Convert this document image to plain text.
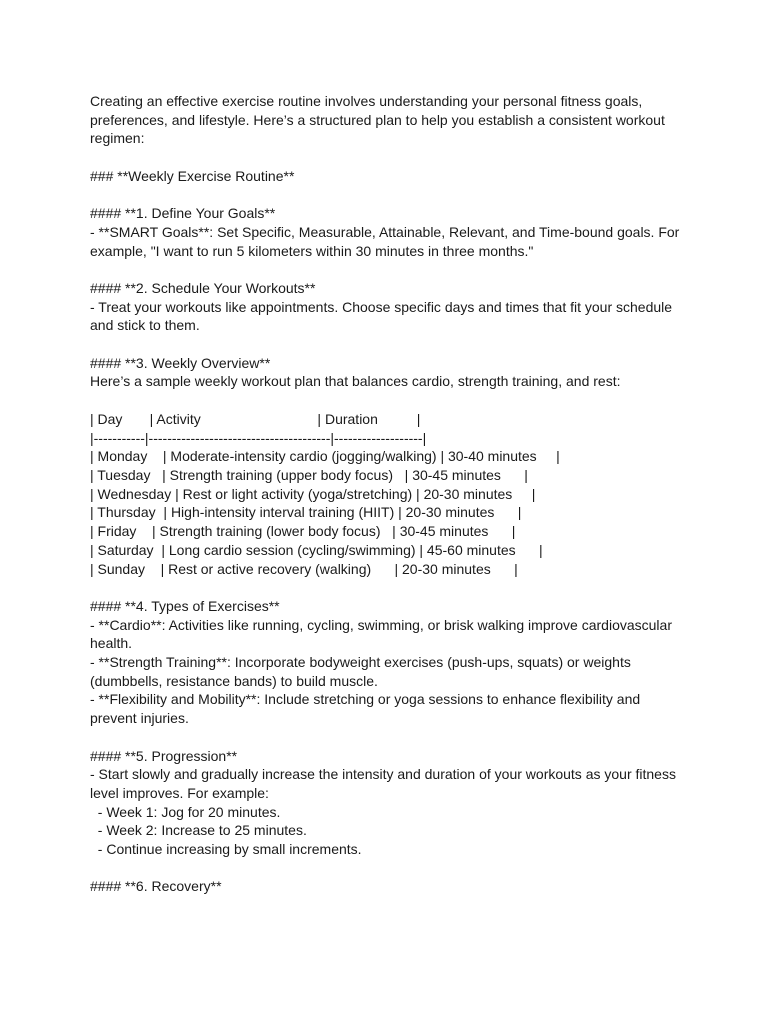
Creating an effective exercise routine involves understanding your personal fitness goals, preferences, and lifestyle. Here’s a structured plan to help you establish a consistent workout regimen:
### **Weekly Exercise Routine**
#### **1. Define Your Goals**
- **SMART Goals**: Set Specific, Measurable, Attainable, Relevant, and Time-bound goals. For example, "I want to run 5 kilometers within 30 minutes in three months."
#### **2. Schedule Your Workouts**
- Treat your workouts like appointments. Choose specific days and times that fit your schedule and stick to them.
#### **3. Weekly Overview**
Here’s a sample weekly workout plan that balances cardio, strength training, and rest:
| Day       | Activity                              | Duration          |
|-----------|---------------------------------------|-------------------|
| Monday    | Moderate-intensity cardio (jogging/walking) | 30-40 minutes     |
| Tuesday   | Strength training (upper body focus)   | 30-45 minutes      |
| Wednesday | Rest or light activity (yoga/stretching) | 20-30 minutes     |
| Thursday  | High-intensity interval training (HIIT) | 20-30 minutes      |
| Friday    | Strength training (lower body focus)   | 30-45 minutes      |
| Saturday  | Long cardio session (cycling/swimming) | 45-60 minutes      |
| Sunday    | Rest or active recovery (walking)      | 20-30 minutes      |
#### **4. Types of Exercises**
- **Cardio**: Activities like running, cycling, swimming, or brisk walking improve cardiovascular health.
- **Strength Training**: Incorporate bodyweight exercises (push-ups, squats) or weights (dumbbells, resistance bands) to build muscle.
- **Flexibility and Mobility**: Include stretching or yoga sessions to enhance flexibility and prevent injuries.
#### **5. Progression**
- Start slowly and gradually increase the intensity and duration of your workouts as your fitness level improves. For example:
- Week 1: Jog for 20 minutes.
- Week 2: Increase to 25 minutes.
- Continue increasing by small increments.
#### **6. Recovery**
